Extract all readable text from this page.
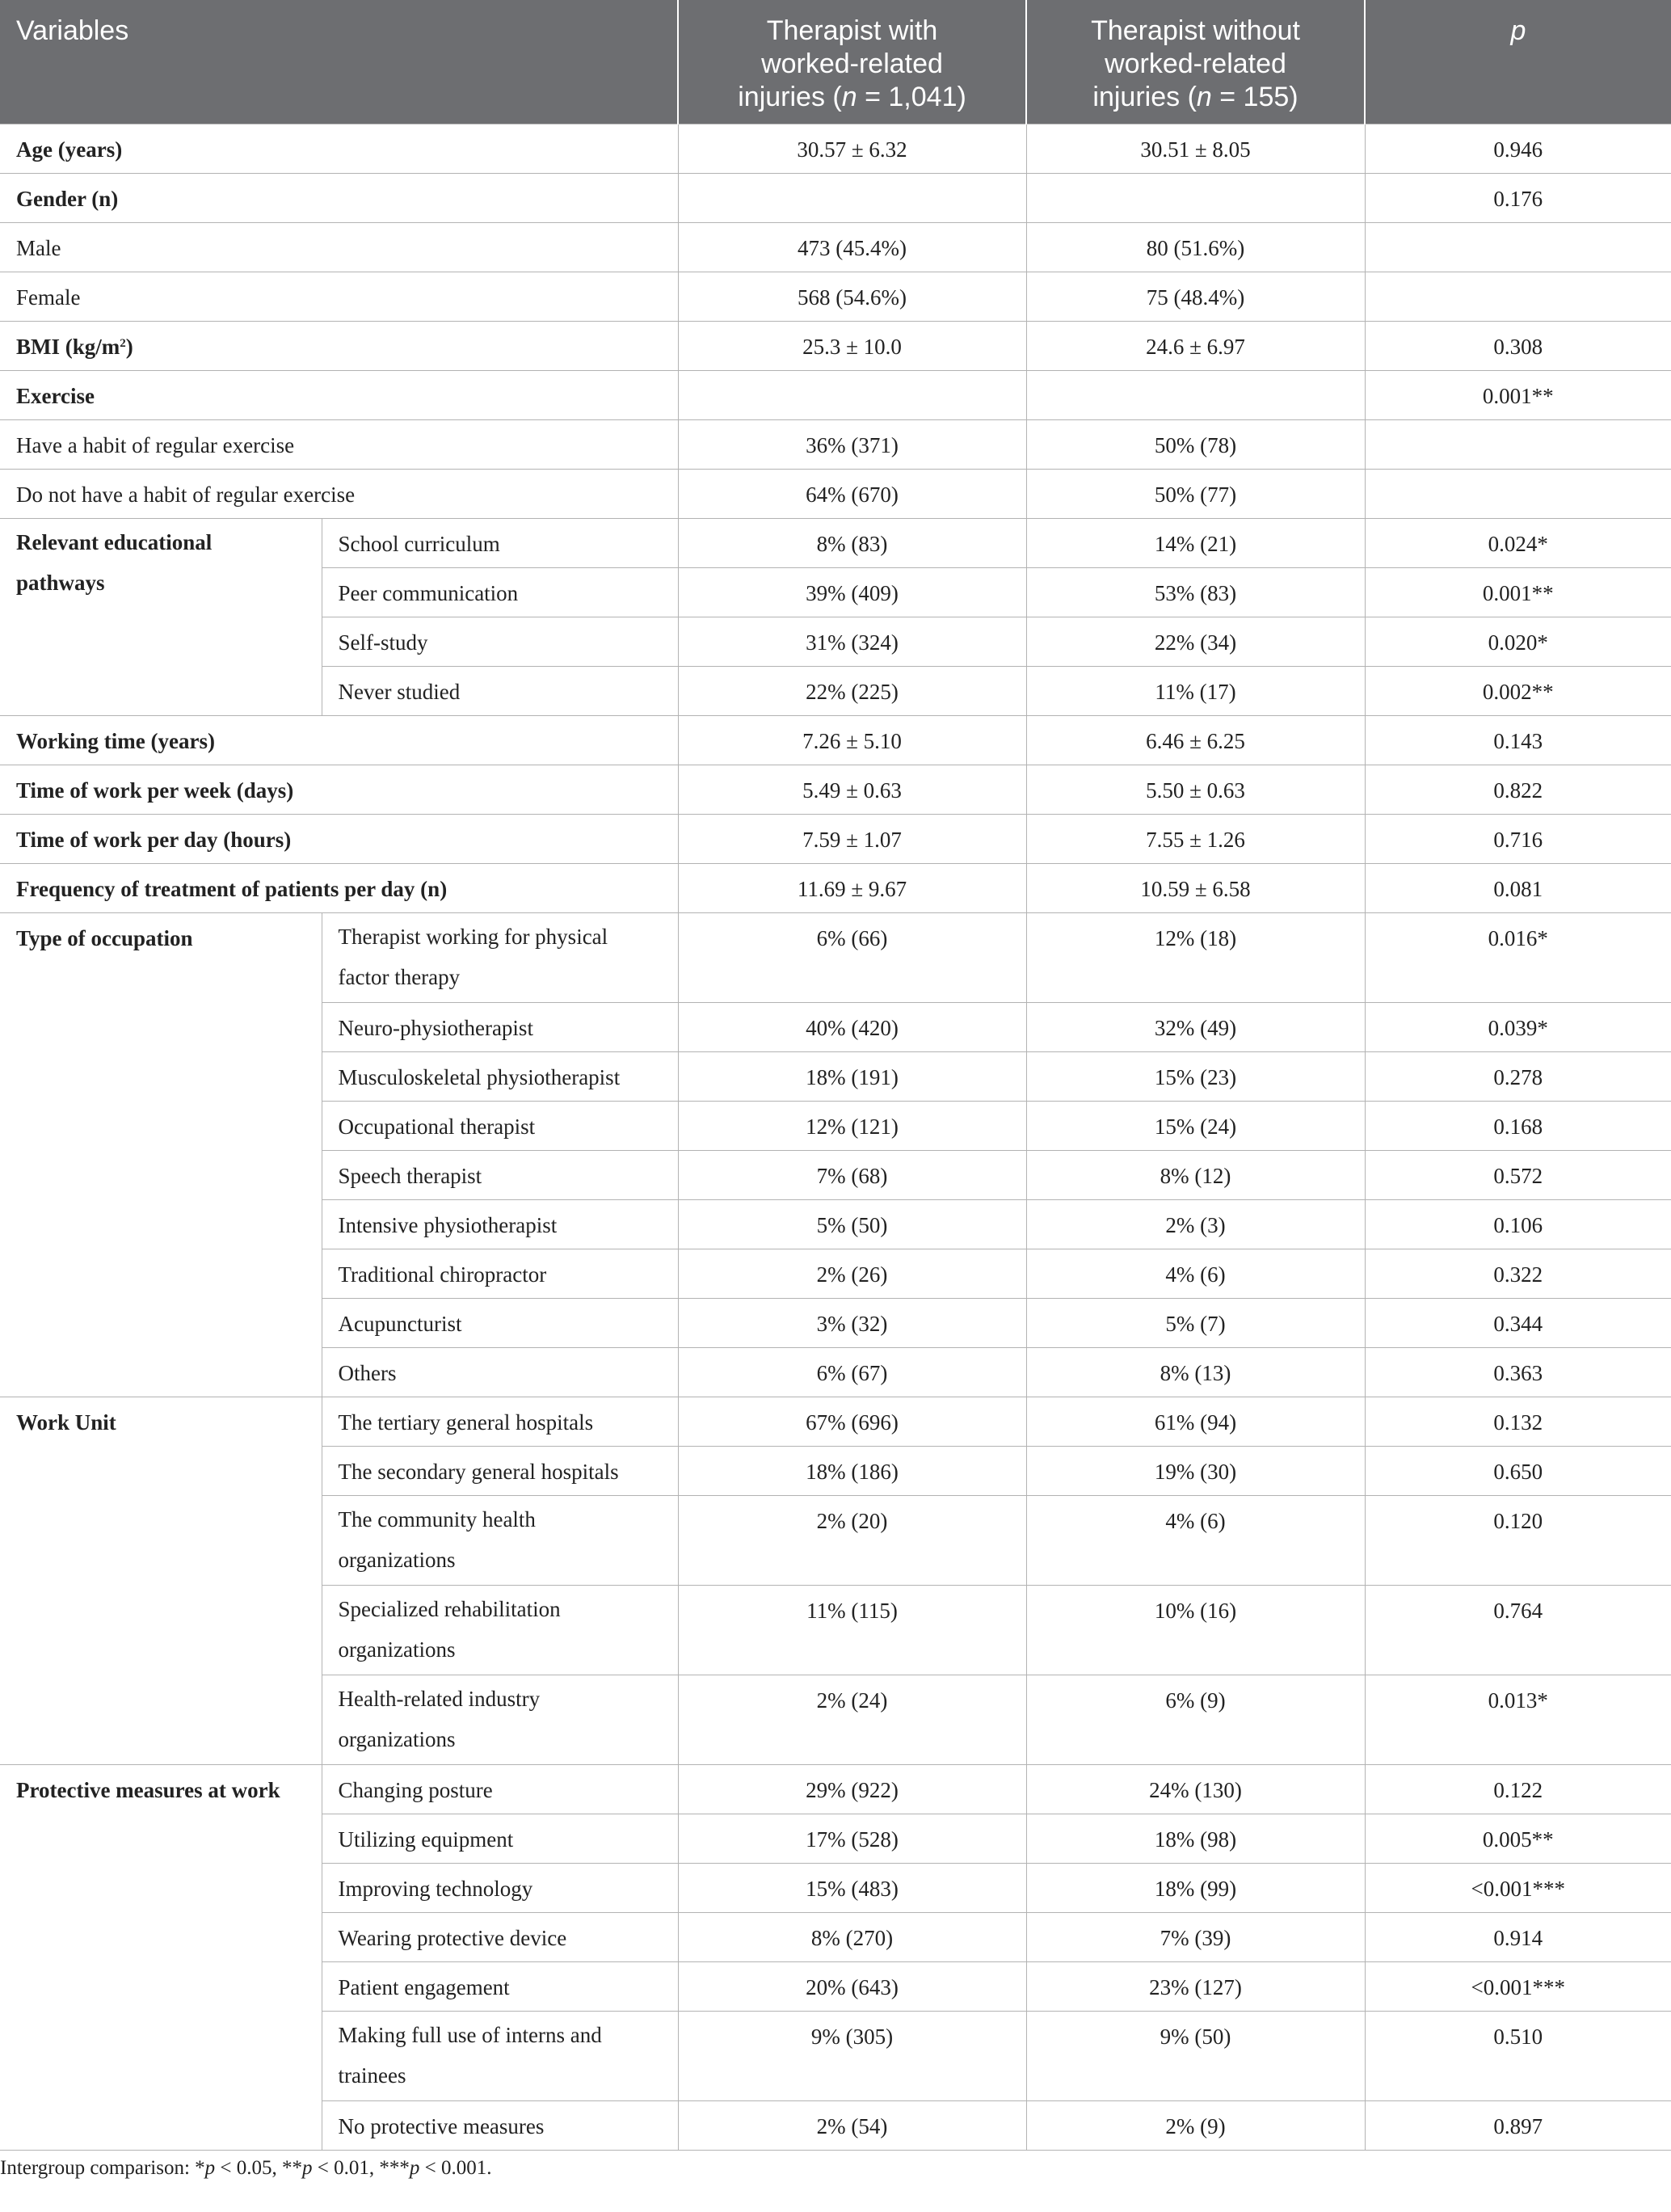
Variables		Therapist with
worked-related
injuries (n = 1,041)	Therapist without
worked-related
injuries (n = 155)	p
Age (years)		30.57 ± 6.32	30.51 ± 8.05	0.946
Gender (n)				0.176
Male		473 (45.4%)	80 (51.6%)	
Female		568 (54.6%)	75 (48.4%)	
BMI $(kg/m^2)$		25.3 ± 10.0	24.6 ± 6.97	0.308
Exercise				0.001**
Have a habit of regular exercise		36% (371)	50% (78)	
Do not have a habit of regular exercise		64% (670)	50% (77)	
Relevant educational
pathways	School curriculum	8% (83)	14% (21)	0.024*
	Peer communication	39% (409)	53% (83)	0.001**
	Self-study	31% (324)	22% (34)	0.020*
	Never studied	22% (225)	11% (17)	0.002**
Working time (years)		7.26 ± 5.10	6.46 ± 6.25	0.143
Time of work per week (days)		5.49 ± 0.63	5.50 ± 0.63	0.822
Time of work per day (hours)		7.59 ± 1.07	7.55 ± 1.26	0.716
Frequency of treatment of patients per day (n)		11.69 ± 9.67	10.59 ± 6.58	0.081
Type of occupation	Therapist working for physical
factor therapy	6% (66)	12% (18)	0.016*
	Neuro-physiotherapist	40% (420)	32% (49)	0.039*
	Musculoskeletal physiotherapist	18% (191)	15% (23)	0.278
	Occupational therapist	12% (121)	15% (24)	0.168
	Speech therapist	7% (68)	8% (12)	0.572
	Intensive physiotherapist	5% (50)	2% (3)	0.106
	Traditional chiropractor	2% (26)	4% (6)	0.322
	Acupuncturist	3% (32)	5% (7)	0.344
	Others	6% (67)	8% (13)	0.363
Work Unit	The tertiary general hospitals	67% (696)	61% (94)	0.132
	The secondary general hospitals	18% (186)	19% (30)	0.650
	The community health
organizations	2% (20)	4% (6)	0.120
	Specialized rehabilitation
organizations	11% (115)	10% (16)	0.764
	Health-related industry
organizations	2% (24)	6% (9)	0.013*
Protective measures at work	Changing posture	29% (922)	24% (130)	0.122
	Utilizing equipment	17% (528)	18% (98)	0.005**
	Improving technology	15% (483)	18% (99)	<0.001***
	Wearing protective device	8% (270)	7% (39)	0.914
	Patient engagement	20% (643)	23% (127)	<0.001***
	Making full use of interns and
trainees	9% (305)	9% (50)	0.510
	No protective measures	2% (54)	2% (9)	0.897

Intergroup comparison: *p < 0.05, **p < 0.01, ***p < 0.001.
